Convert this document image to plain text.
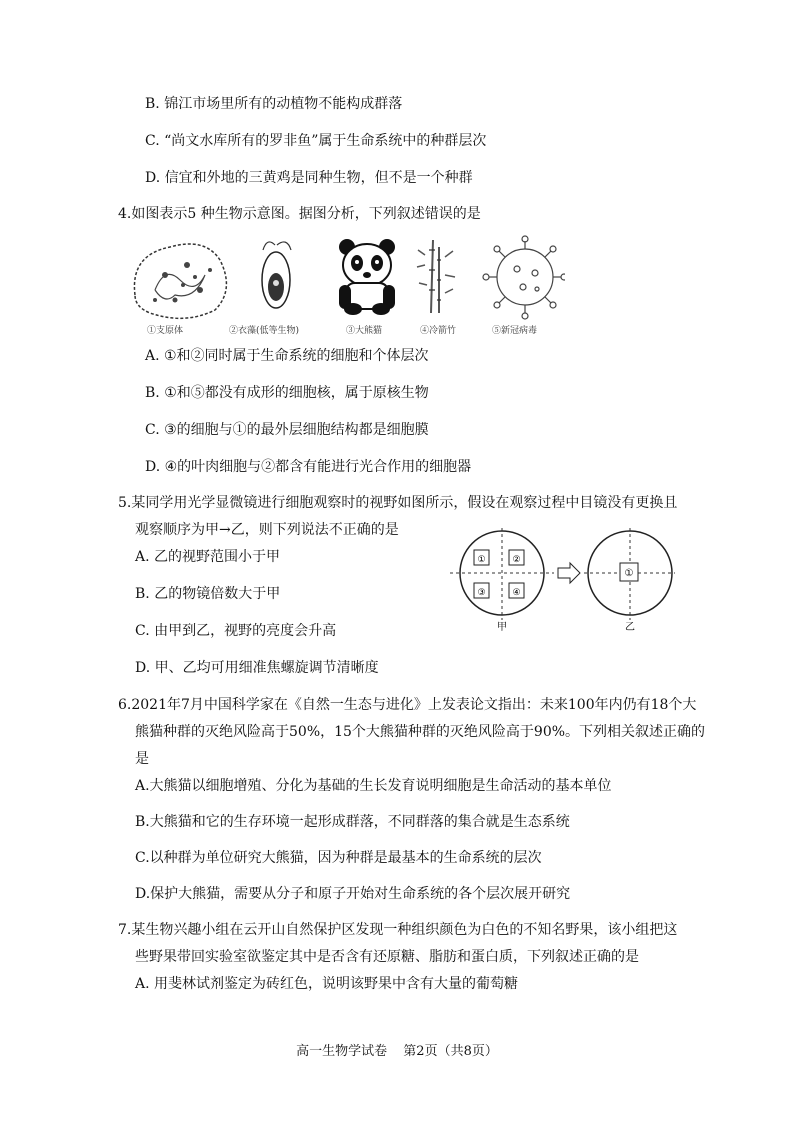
B. 锦江市场里所有的动植物不能构成群落
C. “尚文水库所有的罗非鱼”属于生命系统中的种群层次
D. 信宜和外地的三黄鸡是同种生物，但不是一个种群
4.如图表示5 种生物示意图。据图分析，下列叙述错误的是
①支原体	②衣藻(低等生物)	③大熊猫	④冷箭竹	⑤新冠病毒
A. ①和②同时属于生命系统的细胞和个体层次
B. ①和⑤都没有成形的细胞核，属于原核生物
C. ③的细胞与①的最外层细胞结构都是细胞膜
D. ④的叶肉细胞与②都含有能进行光合作用的细胞器
5.某同学用光学显微镜进行细胞观察时的视野如图所示，假设在观察过程中目镜没有更换且
观察顺序为甲→乙，则下列说法不正确的是
A. 乙的视野范围小于甲
B. 乙的物镜倍数大于甲
C. 由甲到乙，视野的亮度会升高
D. 甲、乙均可用细准焦螺旋调节清晰度
①	②
③	④
①
甲	乙
6.2021年7月中国科学家在《自然一生态与进化》上发表论文指出：未来100年内仍有18个大
熊猫种群的灭绝风险高于50%，15个大熊猫种群的灭绝风险高于90%。下列相关叙述正确的
是
A.大熊猫以细胞增殖、分化为基础的生长发育说明细胞是生命活动的基本单位
B.大熊猫和它的生存环境一起形成群落，不同群落的集合就是生态系统
C.以种群为单位研究大熊猫，因为种群是最基本的生命系统的层次
D.保护大熊猫，需要从分子和原子开始对生命系统的各个层次展开研究
7.某生物兴趣小组在云开山自然保护区发现一种组织颜色为白色的不知名野果，该小组把这
些野果带回实验室欲鉴定其中是否含有还原糖、脂肪和蛋白质，下列叙述正确的是
A. 用斐林试剂鉴定为砖红色，说明该野果中含有大量的葡萄糖
高一生物学试卷 第2页（共8页）
